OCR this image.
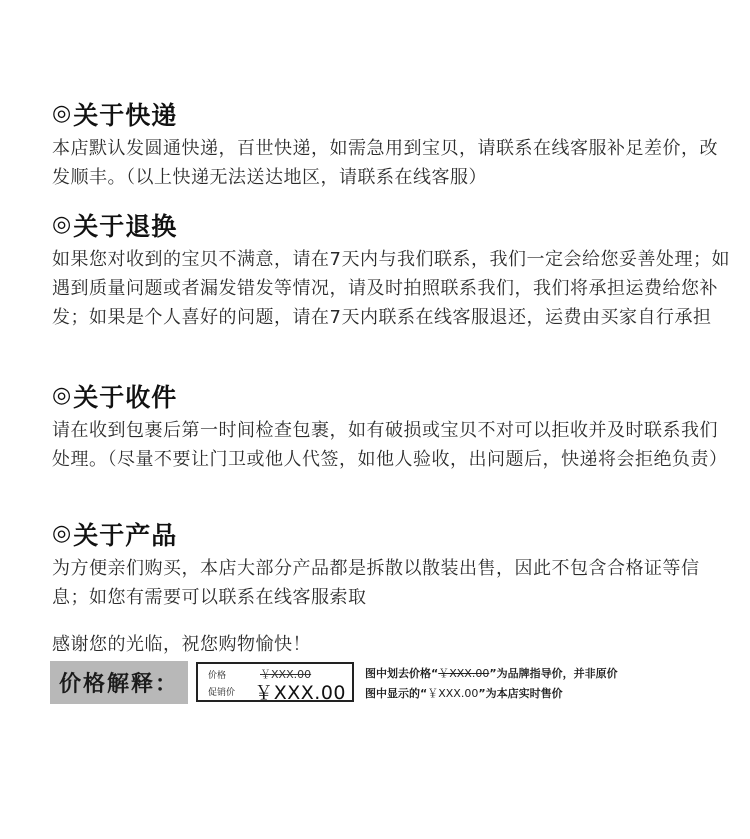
◎ 关于快递

本店默认发圆通快递，百世快递，如需急用到宝贝，请联系在线客服补足差价，改发顺丰。（以上快递无法送达地区，请联系在线客服）

◎ 关于退换

如果您对收到的宝贝不满意，请在7天内与我们联系，我们一定会给您妥善处理；如遇到质量问题或者漏发错发等情况，请及时拍照联系我们，我们将承担运费给您补发；如果是个人喜好的问题，请在7天内联系在线客服退还，运费由买家自行承担

◎ 关于收件

请在收到包裹后第一时间检查包裹，如有破损或宝贝不对可以拒收并及时联系我们处理。（尽量不要让门卫或他人代签，如他人验收，出问题后，快递将会拒绝负责）

◎ 关于产品

为方便亲们购买，本店大部分产品都是拆散以散装出售，因此不包含合格证等信息；如您有需要可以联系在线客服索取

感谢您的光临，祝您购物愉快！
价格解释：	价格	￥XXX.00
促销价	￥XXX.00
图中划去价格“￥XXX.00”为品牌指导价，并非原价
图中显示的“￥XXX.00”为本店实时售价
